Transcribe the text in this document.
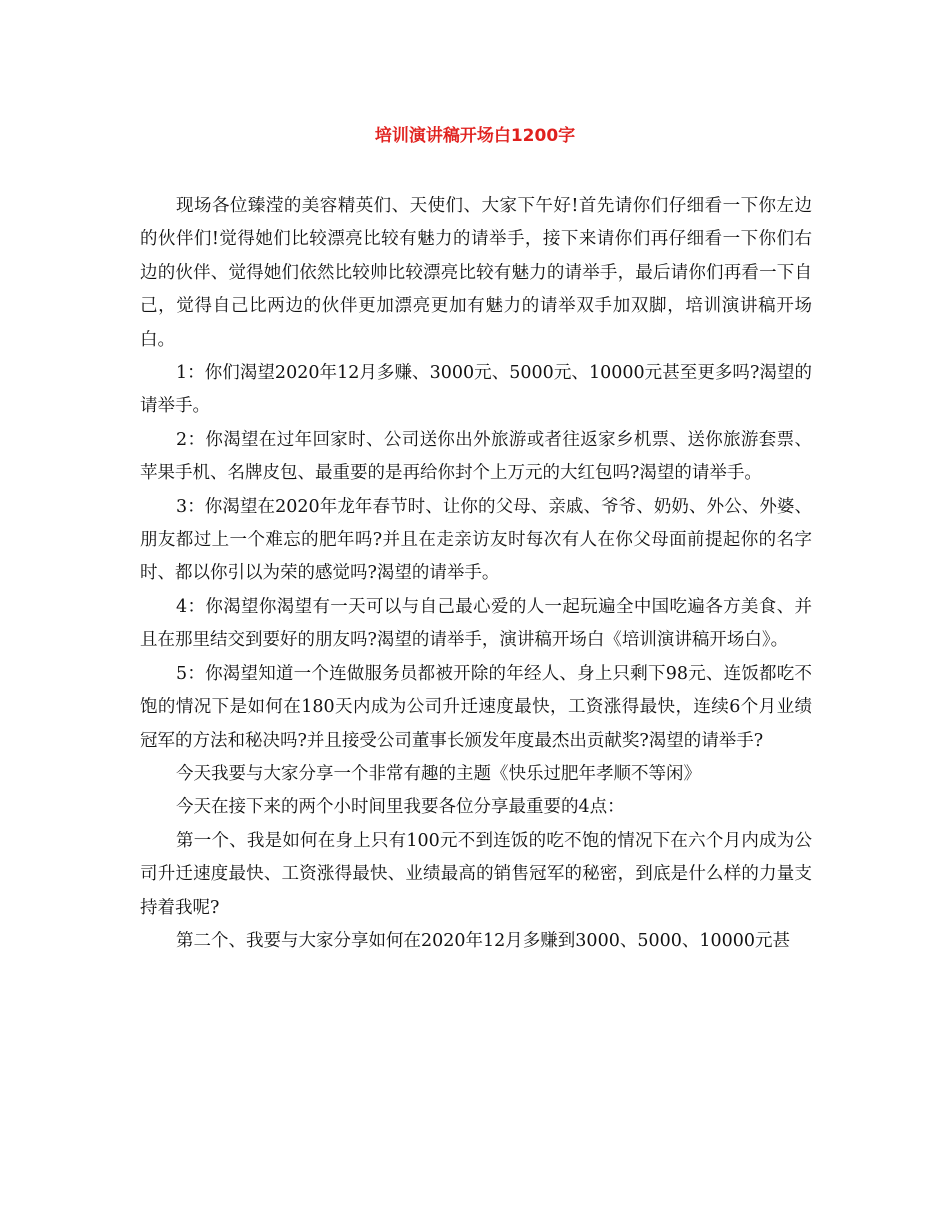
培训演讲稿开场白1200字

现场各位臻滢的美容精英们、天使们、大家下午好!首先请你们仔细看一下你左边的伙伴们!觉得她们比较漂亮比较有魅力的请举手，接下来请你们再仔细看一下你们右边的伙伴、觉得她们依然比较帅比较漂亮比较有魅力的请举手，最后请你们再看一下自己，觉得自己比两边的伙伴更加漂亮更加有魅力的请举双手加双脚，培训演讲稿开场白。

1：你们渴望2020年12月多赚、3000元、5000元、10000元甚至更多吗?渴望的请举手。

2：你渴望在过年回家时、公司送你出外旅游或者往返家乡机票、送你旅游套票、苹果手机、名牌皮包、最重要的是再给你封个上万元的大红包吗?渴望的请举手。

3：你渴望在2020年龙年春节时、让你的父母、亲戚、爷爷、奶奶、外公、外婆、朋友都过上一个难忘的肥年吗?并且在走亲访友时每次有人在你父母面前提起你的名字时、都以你引以为荣的感觉吗?渴望的请举手。

4：你渴望你渴望有一天可以与自己最心爱的人一起玩遍全中国吃遍各方美食、并且在那里结交到要好的朋友吗?渴望的请举手，演讲稿开场白《培训演讲稿开场白》。

5：你渴望知道一个连做服务员都被开除的年经人、身上只剩下98元、连饭都吃不饱的情况下是如何在180天内成为公司升迁速度最快，工资涨得最快，连续6个月业绩冠军的方法和秘决吗?并且接受公司董事长颁发年度最杰出贡献奖?渴望的请举手?

今天我要与大家分享一个非常有趣的主题《快乐过肥年孝顺不等闲》

今天在接下来的两个小时间里我要各位分享最重要的4点：

第一个、我是如何在身上只有100元不到连饭的吃不饱的情况下在六个月内成为公司升迁速度最快、工资涨得最快、业绩最高的销售冠军的秘密，到底是什么样的力量支持着我呢?

第二个、我要与大家分享如何在2020年12月多赚到3000、5000、10000元甚
